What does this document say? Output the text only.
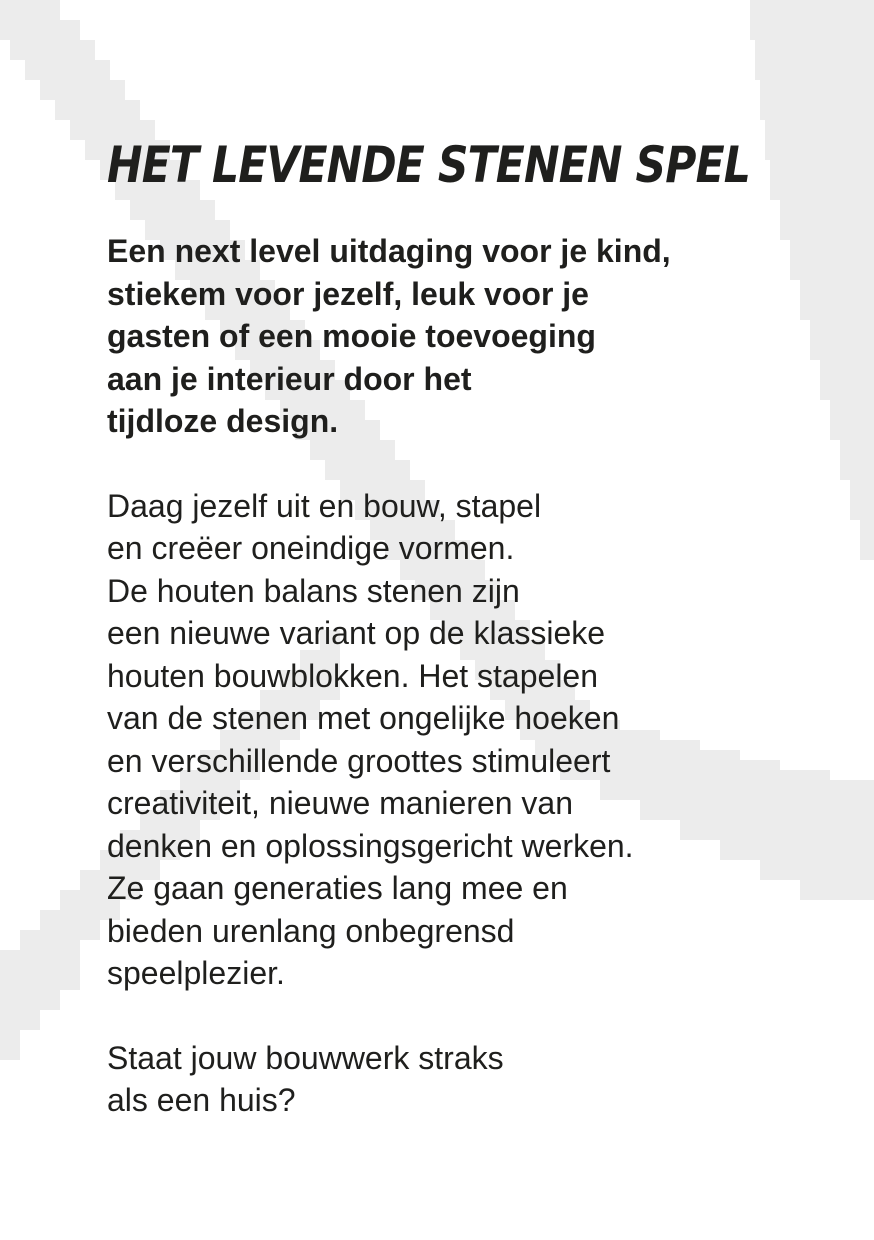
HET LEVENDE STENEN SPEL

Een next level uitdaging voor je kind,
stiekem voor jezelf, leuk voor je
gasten of een mooie toevoeging
aan je interieur door het
tijdloze design.

Daag jezelf uit en bouw, stapel
en creëer oneindige vormen.
De houten balans stenen zijn
een nieuwe variant op de klassieke
houten bouwblokken. Het stapelen
van de stenen met ongelijke hoeken
en verschillende groottes stimuleert
creativiteit, nieuwe manieren van
denken en oplossingsgericht werken.
Ze gaan generaties lang mee en
bieden urenlang onbegrensd
speelplezier.

Staat jouw bouwwerk straks
als een huis?
